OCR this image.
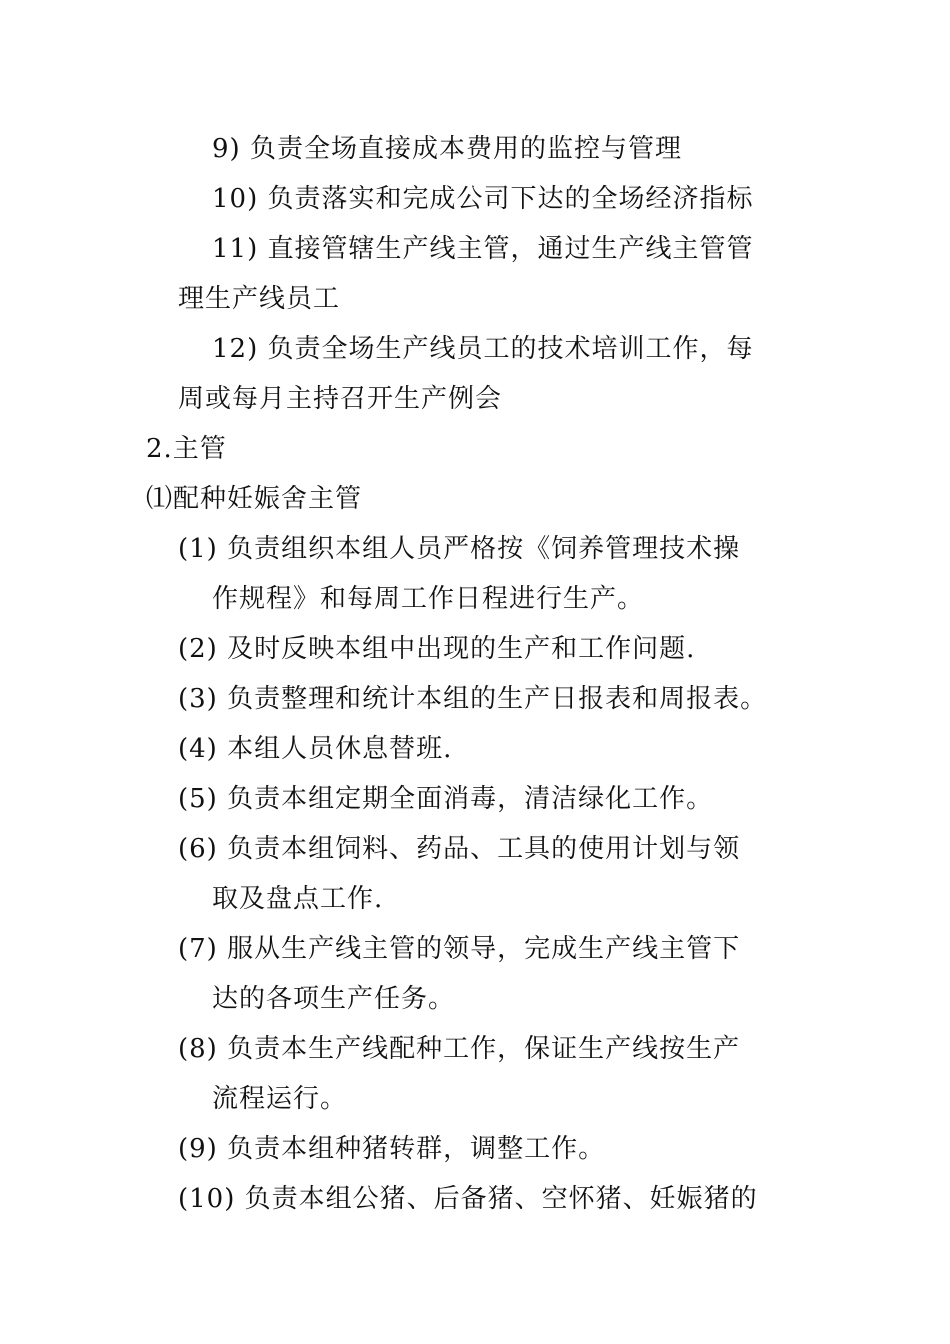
9) 负责全场直接成本费用的监控与管理
10) 负责落实和完成公司下达的全场经济指标
11) 直接管辖生产线主管，通过生产线主管管
理生产线员工
12) 负责全场生产线员工的技术培训工作，每
周或每月主持召开生产例会
2.主管
⑴配种妊娠舍主管
(1) 负责组织本组人员严格按《饲养管理技术操
作规程》和每周工作日程进行生产。
(2) 及时反映本组中出现的生产和工作问题.
(3) 负责整理和统计本组的生产日报表和周报表。
(4) 本组人员休息替班.
(5) 负责本组定期全面消毒，清洁绿化工作。
(6) 负责本组饲料、药品、工具的使用计划与领
取及盘点工作.
(7) 服从生产线主管的领导，完成生产线主管下
达的各项生产任务。
(8) 负责本生产线配种工作，保证生产线按生产
流程运行。
(9) 负责本组种猪转群，调整工作。
(10) 负责本组公猪、后备猪、空怀猪、妊娠猪的
